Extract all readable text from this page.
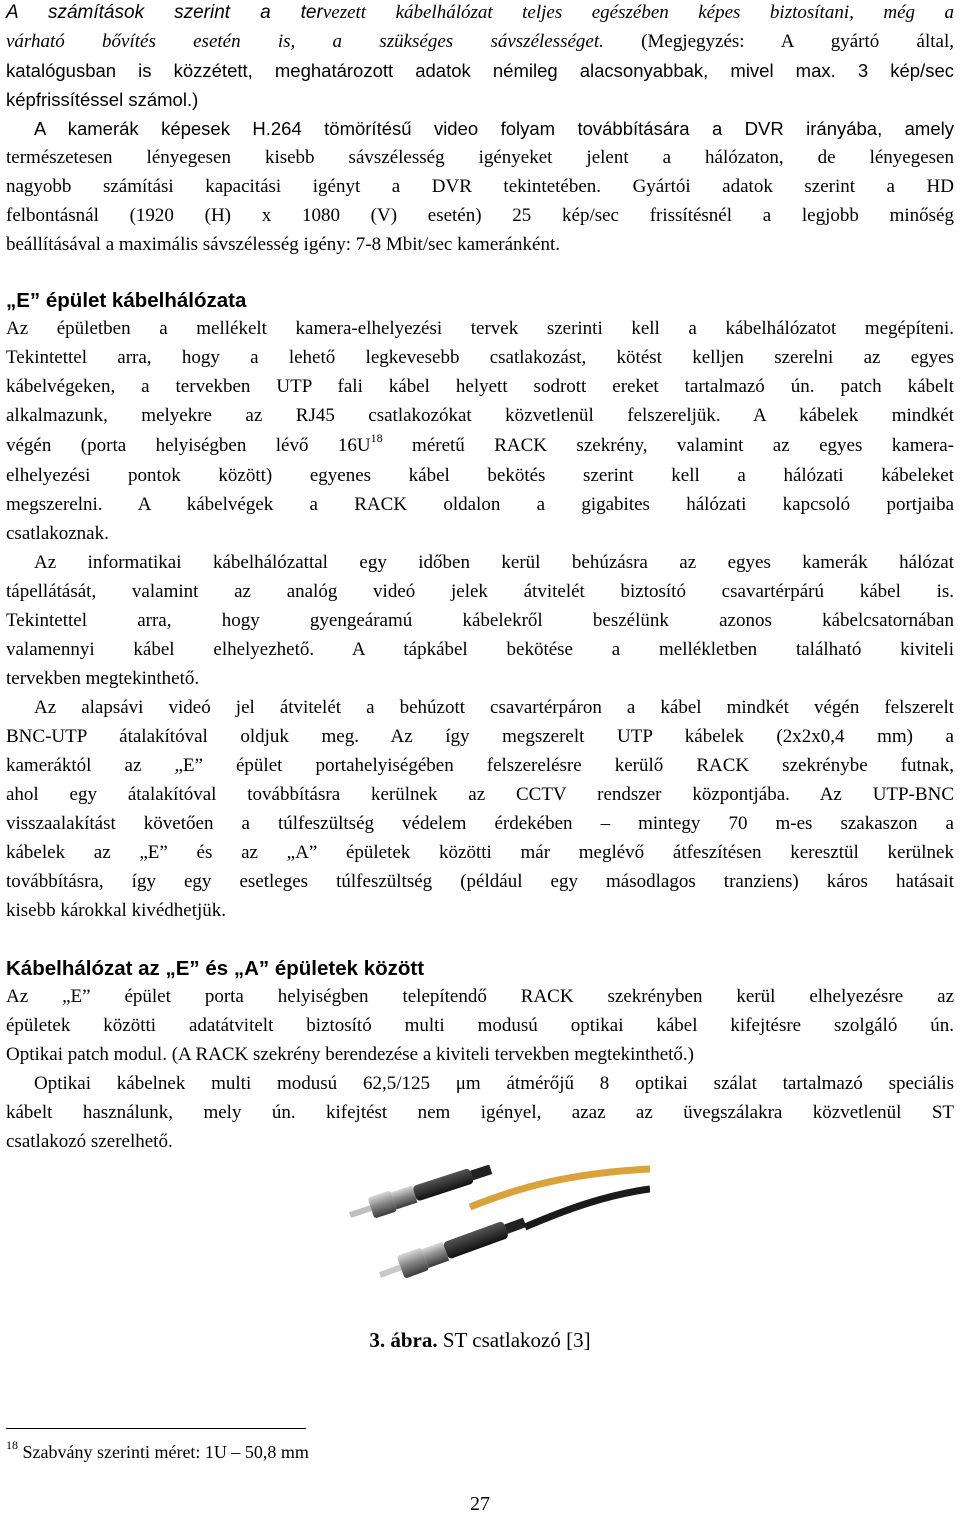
A számítások szerint a tervezett kábelhálózat teljes egészében képes biztosítani, még a
várható bővítés esetén is, a szükséges sávszélességet. (Megjegyzés: A gyártó által,
katalógusban is közzétett, meghatározott adatok némileg alacsonyabbak, mivel max. 3 kép/sec
képfrissítéssel számol.)
A kamerák képesek H.264 tömörítésű video folyam továbbítására a DVR irányába, amely
természetesen lényegesen kisebb sávszélesség igényeket jelent a hálózaton, de lényegesen
nagyobb számítási kapacitási igényt a DVR tekintetében. Gyártói adatok szerint a HD
felbontásnál (1920 (H) x 1080 (V) esetén) 25 kép/sec frissítésnél a legjobb minőség
beállításával a maximális sávszélesség igény: 7-8 Mbit/sec kameránként.
„E” épület kábelhálózata
Az épületben a mellékelt kamera-elhelyezési tervek szerinti kell a kábelhálózatot megépíteni.
Tekintettel arra, hogy a lehető legkevesebb csatlakozást, kötést kelljen szerelni az egyes
kábelvégeken, a tervekben UTP fali kábel helyett sodrott ereket tartalmazó ún. patch kábelt
alkalmazunk, melyekre az RJ45 csatlakozókat közvetlenül felszereljük. A kábelek mindkét
végén (porta helyiségben lévő $16U^{18}$ méretű RACK szekrény, valamint az egyes kamera-
elhelyezési pontok között) egyenes kábel bekötés szerint kell a hálózati kábeleket
megszerelni. A kábelvégek a RACK oldalon a gigabites hálózati kapcsoló portjaiba
csatlakoznak.
Az informatikai kábelhálózattal egy időben kerül behúzásra az egyes kamerák hálózat
tápellátását, valamint az analóg videó jelek átvitelét biztosító csavartérpárú kábel is.
Tekintettel arra, hogy gyengeáramú kábelekről beszélünk azonos kábelcsatornában
valamennyi kábel elhelyezhető. A tápkábel bekötése a mellékletben található kiviteli
tervekben megtekinthető.
Az alapsávi videó jel átvitelét a behúzott csavartérpáron a kábel mindkét végén felszerelt
BNC-UTP átalakítóval oldjuk meg. Az így megszerelt UTP kábelek (2x2x0,4 mm) a
kameráktól az „E” épület portahelyiségében felszerelésre kerülő RACK szekrénybe futnak,
ahol egy átalakítóval továbbításra kerülnek az CCTV rendszer központjába. Az UTP-BNC
visszaalakítást követően a túlfeszültség védelem érdekében – mintegy 70 m-es szakaszon a
kábelek az „E” és az „A” épületek közötti már meglévő átfeszítésen keresztül kerülnek
továbbításra, így egy esetleges túlfeszültség (például egy másodlagos tranziens) káros hatásait
kisebb károkkal kivédhetjük.
Kábelhálózat az „E” és „A” épületek között
Az „E” épület porta helyiségben telepítendő RACK szekrényben kerül elhelyezésre az
épületek közötti adatátvitelt biztosító multi modusú optikai kábel kifejtésre szolgáló ún.
Optikai patch modul. (A RACK szekrény berendezése a kiviteli tervekben megtekinthető.)
Optikai kábelnek multi modusú 62,5/125 μm átmérőjű 8 optikai szálat tartalmazó speciális
kábelt használunk, mely ún. kifejtést nem igényel, azaz az üvegszálakra közvetlenül ST
csatlakozó szerelhető.
3. ábra. ST csatlakozó [3]
$^{18}$ Szabvány szerinti méret: 1U – 50,8 mm
27
